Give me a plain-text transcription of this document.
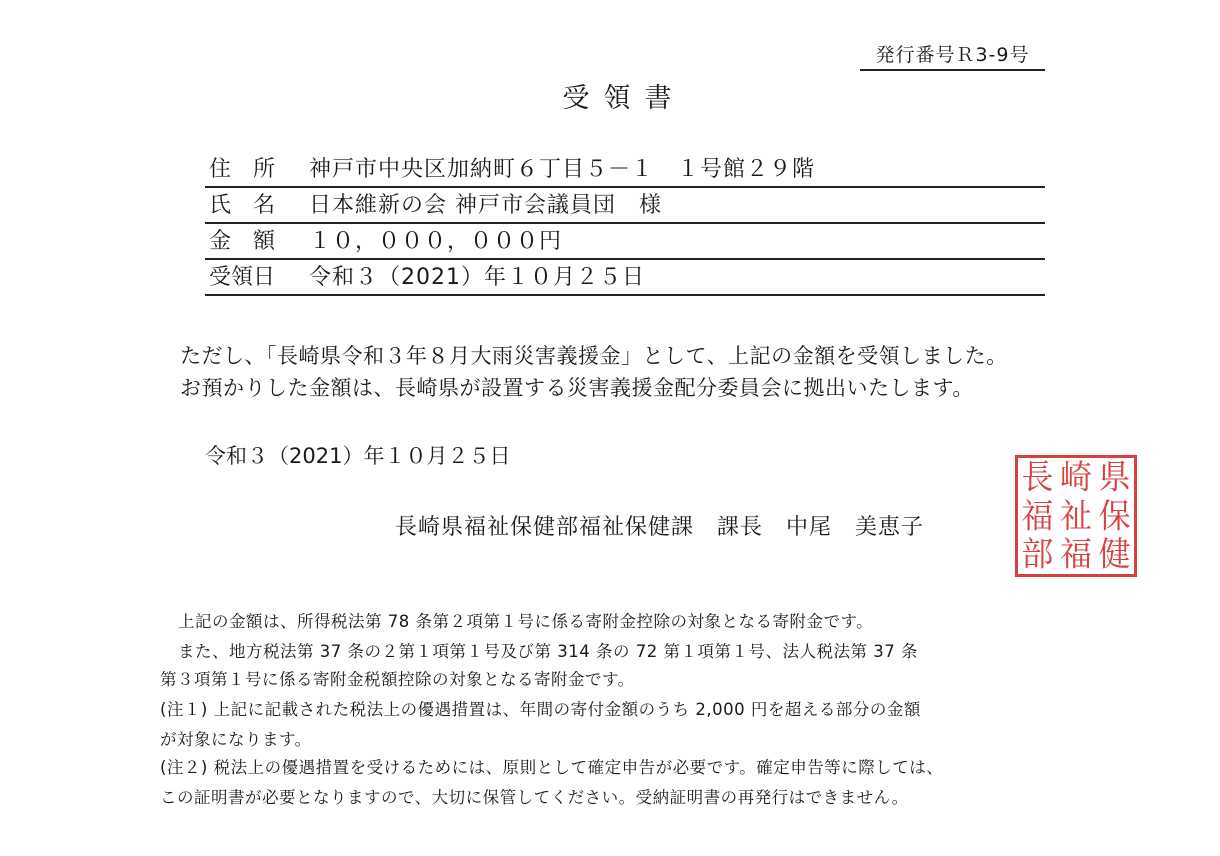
発行番号Ｒ3-9号
受領書
住所 神戸市中央区加納町６丁目５－１　１号館２９階
氏名 日本維新の会 神戸市会議員団　様
金額 １０，０００，０００円
受領日	令和３（2021）年１０月２５日
ただし、「長崎県令和３年８月大雨災害義援金」として、上記の金額を受領しました。
お預かりした金額は、長崎県が設置する災害義援金配分委員会に拠出いたします。
令和３（2021）年１０月２５日
長崎県福祉保健部福祉保健課　課長　中尾　美恵子
長 崎 県
福 祉 保
部 福 健
上記の金額は、所得税法第 78 条第２項第１号に係る寄附金控除の対象となる寄附金です。
また、地方税法第 37 条の２第１項第１号及び第 314 条の 72 第１項第１号、法人税法第 37 条
第３項第１号に係る寄附金税額控除の対象となる寄附金です。
(注１) 上記に記載された税法上の優遇措置は、年間の寄付金額のうち 2,000 円を超える部分の金額
が対象になります。
(注２) 税法上の優遇措置を受けるためには、原則として確定申告が必要です。確定申告等に際しては、
この証明書が必要となりますので、大切に保管してください。受納証明書の再発行はできません。
